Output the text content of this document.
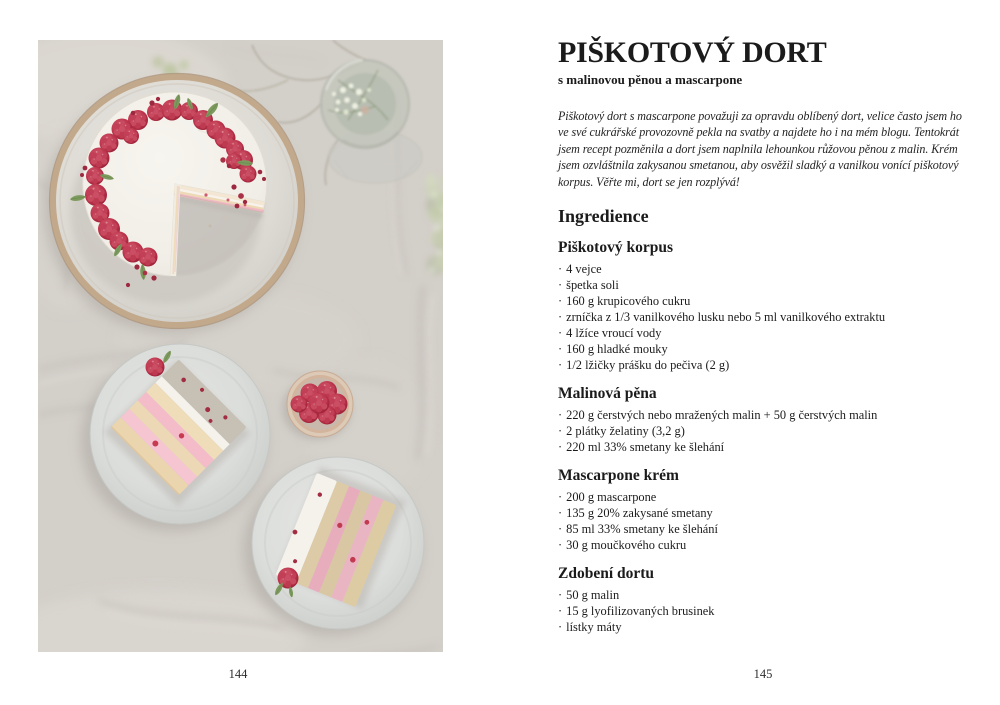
PIŠKOTOVÝ DORT

s malinovou pěnou a mascarpone

Piškotový dort s mascarpone považuji za opravdu oblíbený dort, velice často jsem ho ve své cukrářské provozovně pekla na svatby a najdete ho i na mém blogu. Tentokrát jsem recept pozměnila a dort jsem naplnila lehounkou růžovou pěnou z malin. Krém jsem ozvláštnila zakysanou smetanou, aby osvěžil sladký a vanilkou vonící piškotový korpus. Věřte mi, dort se jen rozplývá!

Ingredience
Piškotový korpus
· 4 vejce
· špetka soli
· 160 g krupicového cukru
· zrníčka z 1/3 vanilkového lusku nebo 5 ml vanilkového extraktu
· 4 lžíce vroucí vody
· 160 g hladké mouky
· 1/2 lžičky prášku do pečiva (2 g)
Malinová pěna
· 220 g čerstvých nebo mražených malin + 50 g čerstvých malin
· 2 plátky želatiny (3,2 g)
· 220 ml 33% smetany ke šlehání
Mascarpone krém
· 200 g mascarpone
· 135 g 20% zakysané smetany
· 85 ml 33% smetany ke šlehání
· 30 g moučkového cukru
Zdobení dortu
· 50 g malin
· 15 g lyofilizovaných brusinek
· lístky máty
144	145
